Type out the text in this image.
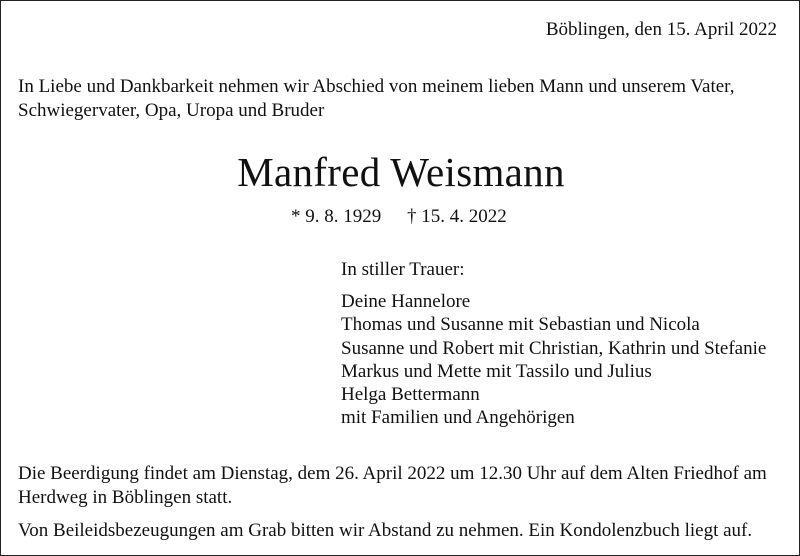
Böblingen, den 15. April 2022

In Liebe und Dankbarkeit nehmen wir Abschied von meinem lieben Mann und unserem Vater,
Schwiegervater, Opa, Uropa und Bruder
Manfred Weismann

* 9. 8. 1929 † 15. 4. 2022

In stiller Trauer:

Deine Hannelore
Thomas und Susanne mit Sebastian und Nicola
Susanne und Robert mit Christian, Kathrin und Stefanie
Markus und Mette mit Tassilo und Julius
Helga Bettermann
mit Familien und Angehörigen
Die Beerdigung findet am Dienstag, dem 26. April 2022 um 12.30 Uhr auf dem Alten Friedhof am
Herdweg in Böblingen statt.

Von Beileidsbezeugungen am Grab bitten wir Abstand zu nehmen. Ein Kondolenzbuch liegt auf.
